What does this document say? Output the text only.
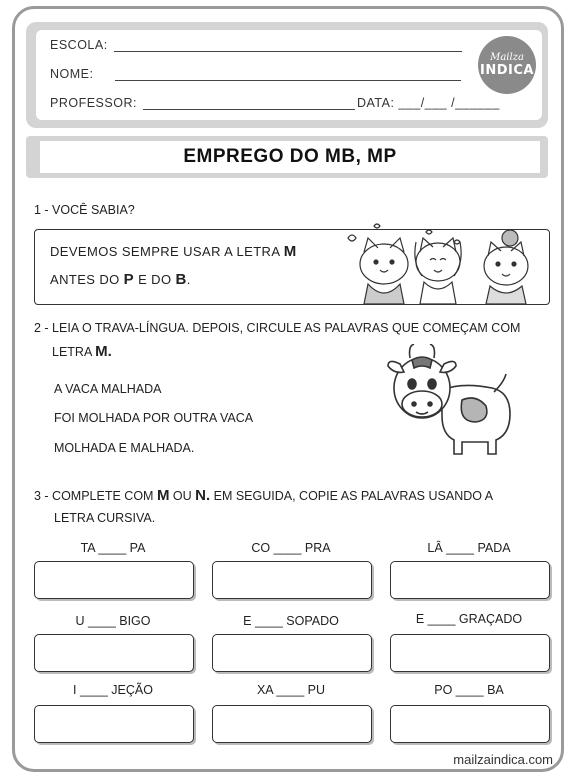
ESCOLA:
NOME:
PROFESSOR:	DATA: ___/___ /______
Mailza
INDICA
EMPREGO DO MB, MP
1 - VOCÊ SABIA?
DEVEMOS SEMPRE USAR A LETRA M
ANTES DO P E DO B.
2 - LEIA O TRAVA-LÍNGUA. DEPOIS, CIRCULE AS PALAVRAS QUE COMEÇAM COM
LETRA M.
A VACA MALHADA
FOI MOLHADA POR OUTRA VACA
MOLHADA E MALHADA.
3 - COMPLETE COM M OU N. EM SEGUIDA, COPIE AS PALAVRAS USANDO A
LETRA CURSIVA.
TA ____ PA	CO ____ PRA	LÂ ____ PADA
U ____ BIGO	E ____ SOPADO	E ____ GRAÇADO
I ____ JEÇÃO	XA ____ PU	PO ____ BA
mailzaindica.com
